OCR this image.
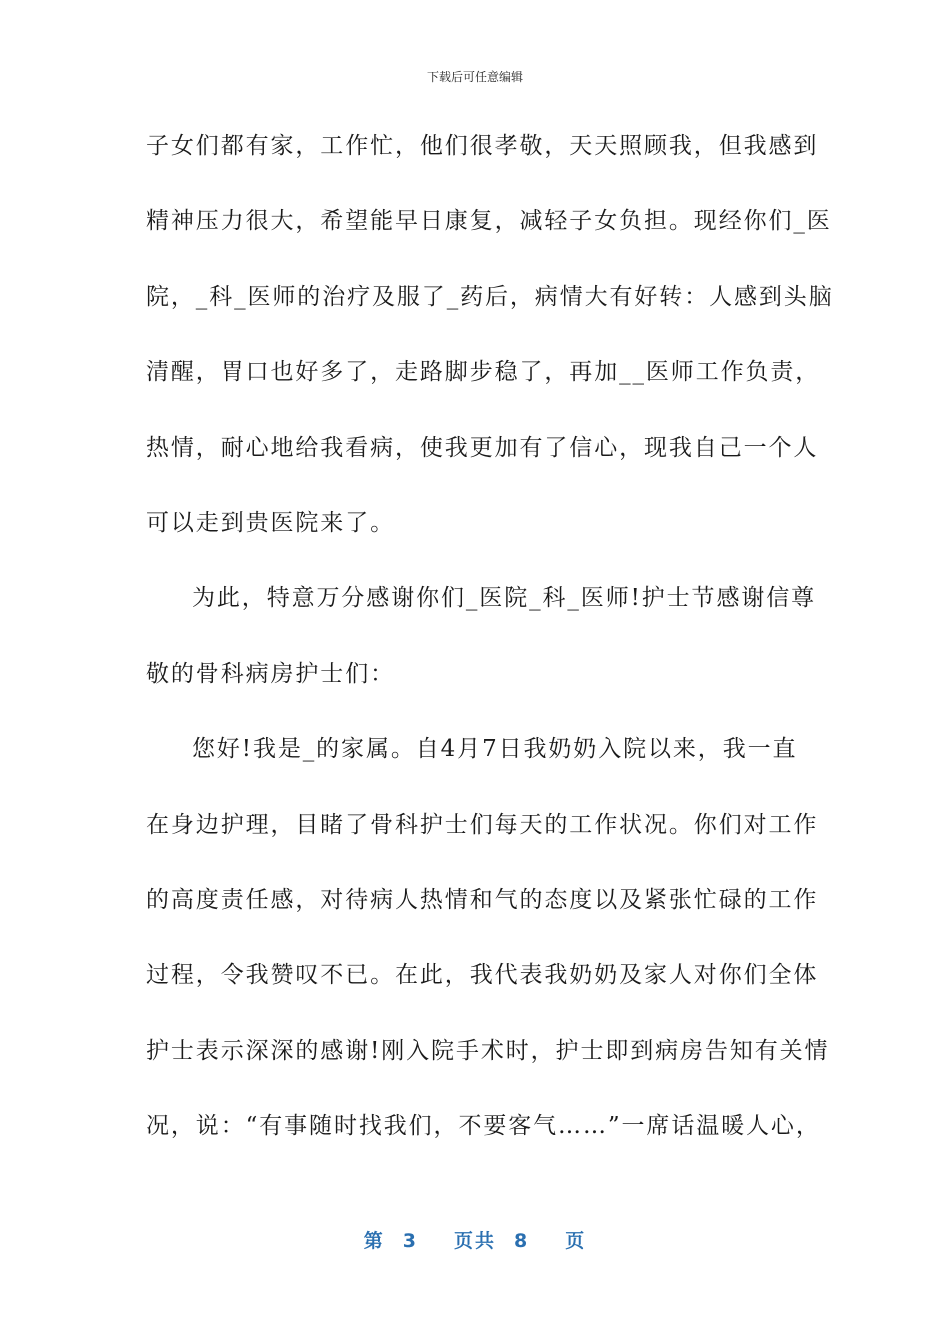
下载后可任意编辑
子女们都有家，工作忙，他们很孝敬，天天照顾我，但我感到
精神压力很大，希望能早日康复，减轻子女负担。现经你们_医
院，_科_医师的治疗及服了_药后，病情大有好转：人感到头脑
清醒，胃口也好多了，走路脚步稳了，再加__医师工作负责，
热情，耐心地给我看病，使我更加有了信心，现我自己一个人
可以走到贵医院来了。
为此，特意万分感谢你们_医院_科_医师!护士节感谢信尊
敬的骨科病房护士们：
您好!我是_的家属。自4月7日我奶奶入院以来，我一直
在身边护理，目睹了骨科护士们每天的工作状况。你们对工作
的高度责任感，对待病人热情和气的态度以及紧张忙碌的工作
过程，令我赞叹不已。在此，我代表我奶奶及家人对你们全体
护士表示深深的感谢!刚入院手术时，护士即到病房告知有关情
况，说：“有事随时找我们，不要客气……”一席话温暖人心，
第 3 页共 8 页
